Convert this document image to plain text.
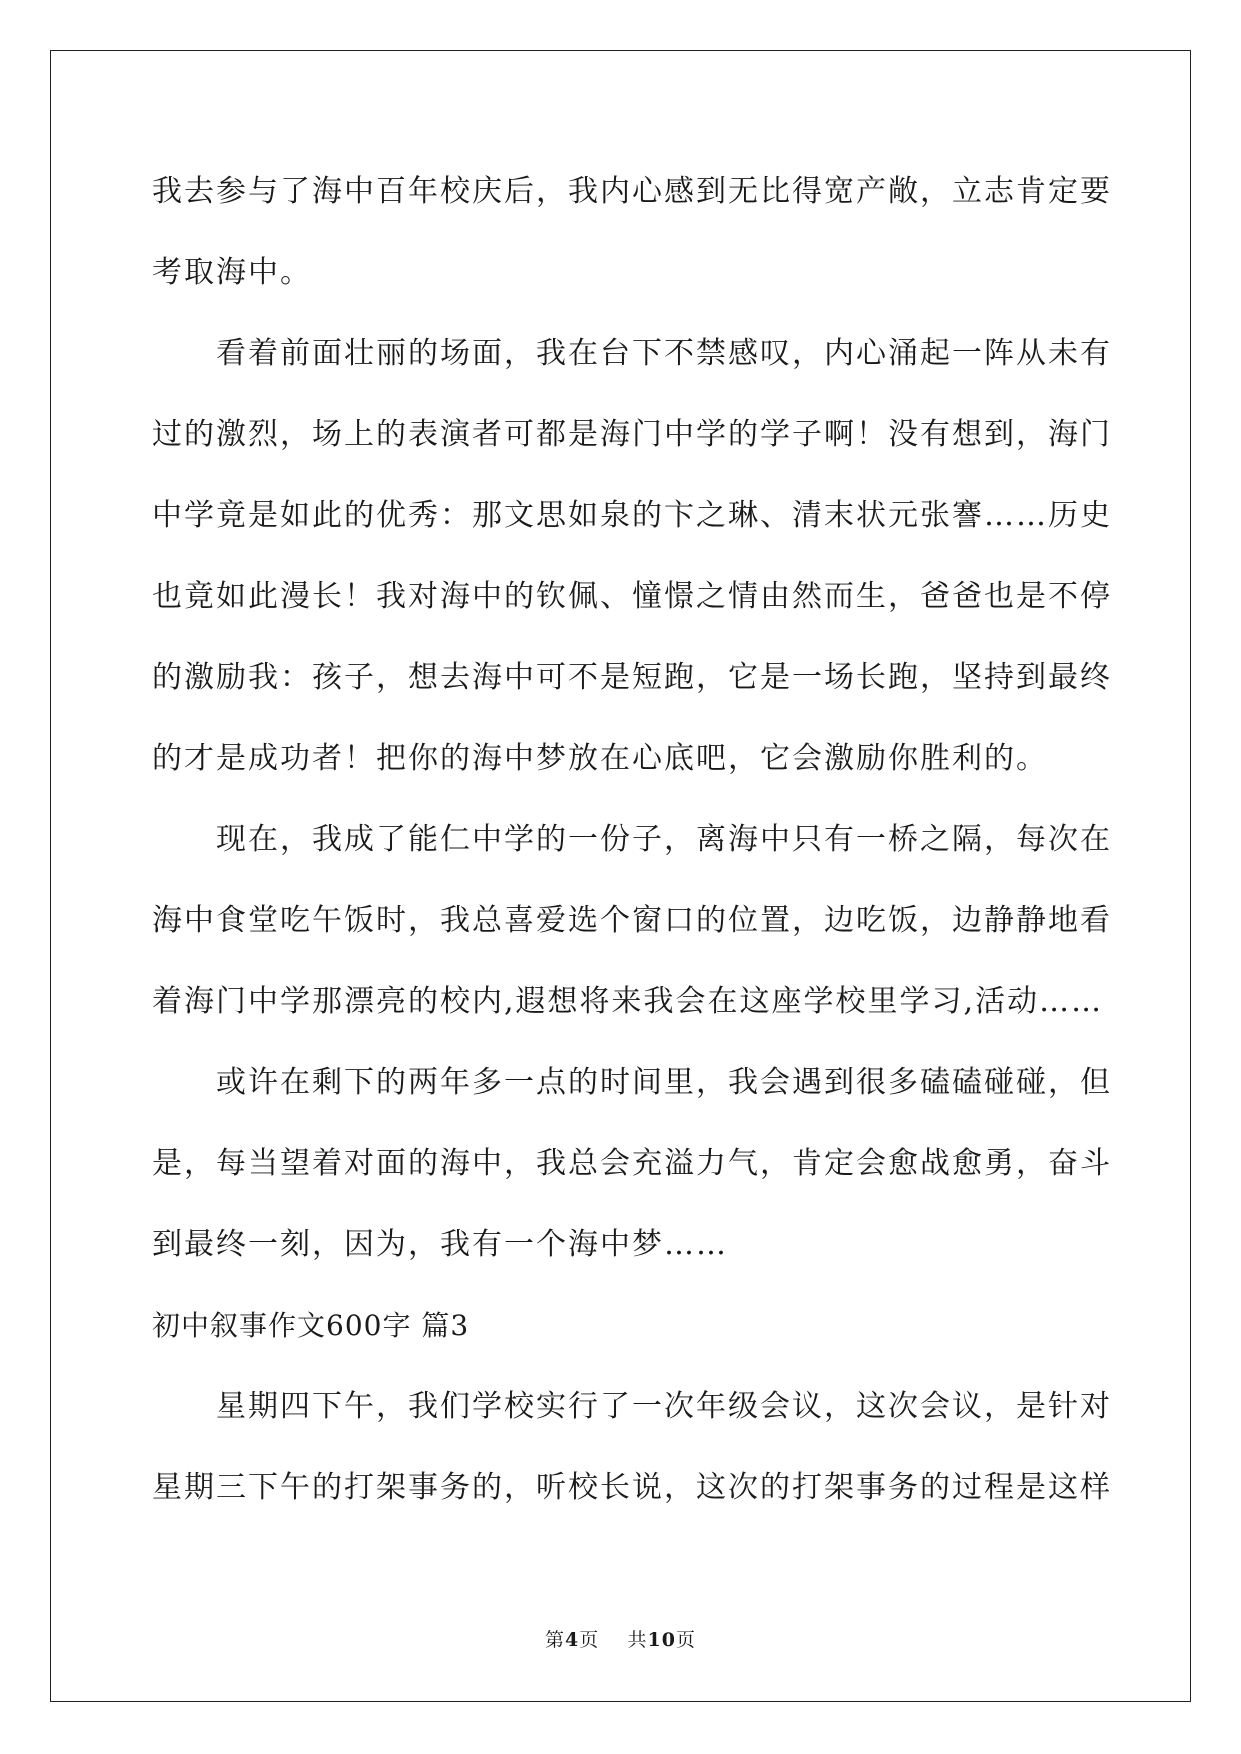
我去参与了海中百年校庆后，我内心感到无比得宽产敞，立志肯定要
考取海中。
　　看着前面壮丽的场面，我在台下不禁感叹，内心涌起一阵从未有
过的激烈，场上的表演者可都是海门中学的学子啊！没有想到，海门
中学竟是如此的优秀：那文思如泉的卞之琳、清末状元张謇……历史
也竟如此漫长！我对海中的钦佩、憧憬之情由然而生，爸爸也是不停
的激励我：孩子，想去海中可不是短跑，它是一场长跑，坚持到最终
的才是成功者！把你的海中梦放在心底吧，它会激励你胜利的。
　　现在，我成了能仁中学的一份子，离海中只有一桥之隔，每次在
海中食堂吃午饭时，我总喜爱选个窗口的位置，边吃饭，边静静地看
着海门中学那漂亮的校内,遐想将来我会在这座学校里学习,活动……
　　或许在剩下的两年多一点的时间里，我会遇到很多磕磕碰碰，但
是，每当望着对面的海中，我总会充溢力气，肯定会愈战愈勇，奋斗
到最终一刻，因为，我有一个海中梦……
初中叙事作文600字 篇3
　　星期四下午，我们学校实行了一次年级会议，这次会议，是针对
星期三下午的打架事务的，听校长说，这次的打架事务的过程是这样
第4页 共10页
